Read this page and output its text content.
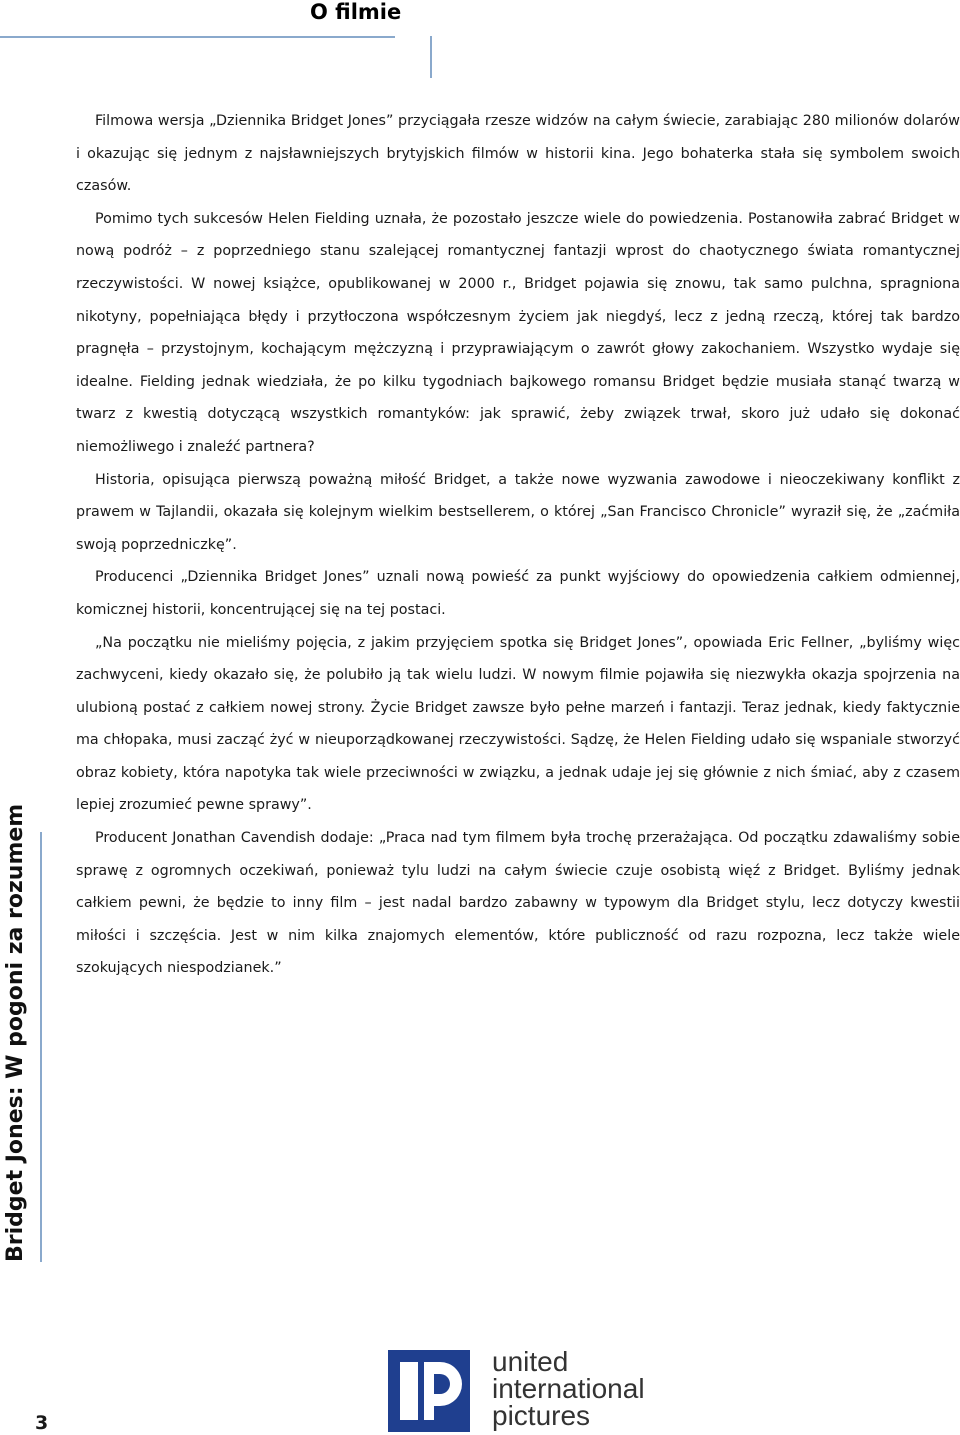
O filmie
Bridget Jones: W pogoni za rozumem

Filmowa wersja „Dziennika Bridget Jones” przyciągała rzesze widzów na całym świecie, zarabiając 280 milionów dolarów i okazując się jednym z najsławniejszych brytyjskich filmów w historii kina. Jego bohaterka stała się symbolem swoich czasów.

Pomimo tych sukcesów Helen Fielding uznała, że pozostało jeszcze wiele do powiedzenia. Postanowiła zabrać Bridget w nową podróż – z poprzedniego stanu szalejącej romantycznej fantazji wprost do chaotycznego świata romantycznej rzeczywistości. W nowej książce, opublikowanej w 2000 r., Bridget pojawia się znowu, tak samo pulchna, spragniona nikotyny, popełniająca błędy i przytłoczona współczesnym życiem jak niegdyś, lecz z jedną rzeczą, której tak bardzo pragnęła – przystojnym, kochającym mężczyzną i przyprawiającym o zawrót głowy zakochaniem. Wszystko wydaje się idealne. Fielding jednak wiedziała, że po kilku tygodniach bajkowego romansu Bridget będzie musiała stanąć twarzą w twarz z kwestią dotyczącą wszystkich romantyków: jak sprawić, żeby związek trwał, skoro już udało się dokonać niemożliwego i znaleźć partnera?

Historia, opisująca pierwszą poważną miłość Bridget, a także nowe wyzwania zawodowe i nieoczekiwany konflikt z prawem w Tajlandii, okazała się kolejnym wielkim bestsellerem, o której „San Francisco Chronicle” wyraził się, że „zaćmiła swoją poprzedniczkę”.

Producenci „Dziennika Bridget Jones” uznali nową powieść za punkt wyjściowy do opowiedzenia całkiem odmiennej, komicznej historii, koncentrującej się na tej postaci.

„Na początku nie mieliśmy pojęcia, z jakim przyjęciem spotka się Bridget Jones”, opowiada Eric Fellner, „byliśmy więc zachwyceni, kiedy okazało się, że polubiło ją tak wielu ludzi. W nowym filmie pojawiła się niezwykła okazja spojrzenia na ulubioną postać z całkiem nowej strony. Życie Bridget zawsze było pełne marzeń i fantazji. Teraz jednak, kiedy faktycznie ma chłopaka, musi zacząć żyć w nieuporządkowanej rzeczywistości. Sądzę, że Helen Fielding udało się wspaniale stworzyć obraz kobiety, która napotyka tak wiele przeciwności w związku, a jednak udaje jej się głównie z nich śmiać, aby z czasem lepiej zrozumieć pewne sprawy”.

Producent Jonathan Cavendish dodaje: „Praca nad tym filmem była trochę przerażająca. Od początku zdawaliśmy sobie sprawę z ogromnych oczekiwań, ponieważ tylu ludzi na całym świecie czuje osobistą więź z Bridget. Byliśmy jednak całkiem pewni, że będzie to inny film – jest nadal bardzo zabawny w typowym dla Bridget stylu, lecz dotyczy kwestii miłości i szczęścia. Jest w nim kilka znajomych elementów, które publiczność od razu rozpozna, lecz także wiele szokujących niespodzianek.”

united
international
pictures
3
